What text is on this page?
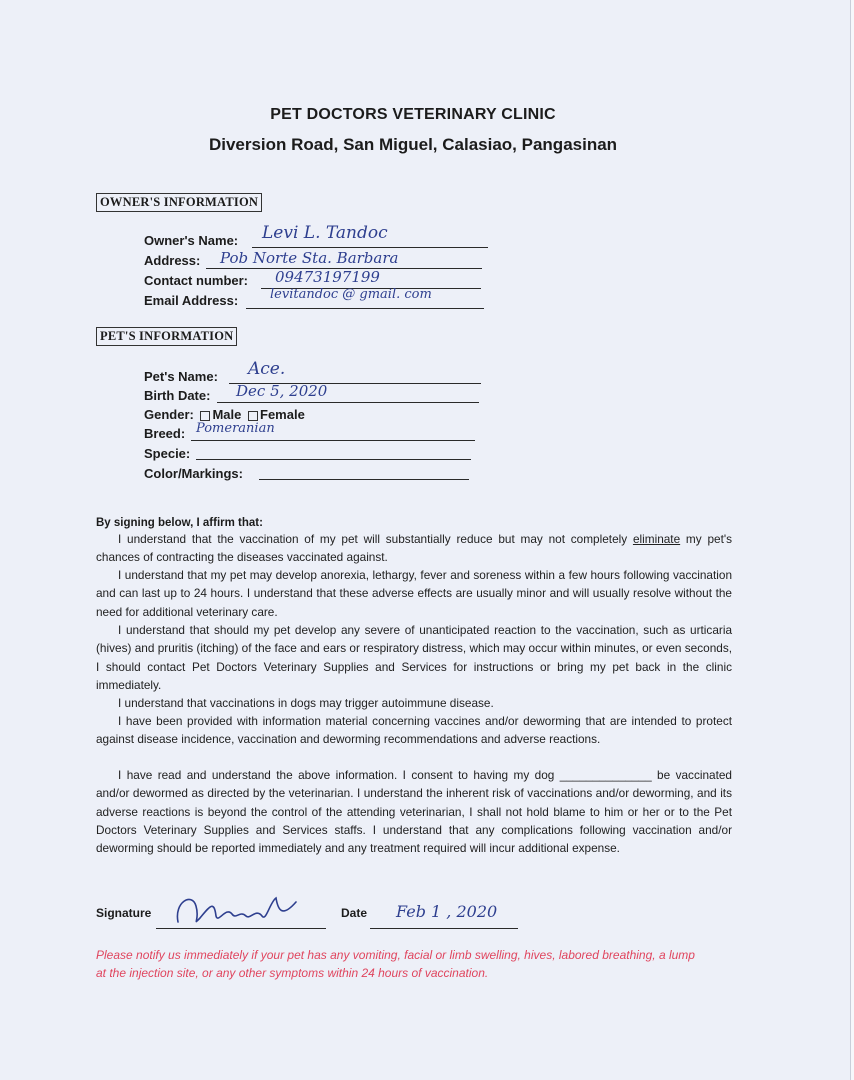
PET DOCTORS VETERINARY CLINIC
Diversion Road, San Miguel, Calasiao, Pangasinan
OWNER'S INFORMATION
Owner's Name: Levi L. Tandoc
Address: Pob Norte Sta. Barbara
Contact number: 09473197199
Email Address: levitandoc @ gmail. com
PET'S INFORMATION
Pet's Name: Ace.
Birth Date: Dec 5, 2020
Gender: Male Female
Breed: Pomeranian
Specie:
Color/Markings:
By signing below, I affirm that:
I understand that the vaccination of my pet will substantially reduce but may not completely eliminate my pet's chances of contracting the diseases vaccinated against.
I understand that my pet may develop anorexia, lethargy, fever and soreness within a few hours following vaccination and can last up to 24 hours. I understand that these adverse effects are usually minor and will usually resolve without the need for additional veterinary care.
I understand that should my pet develop any severe of unanticipated reaction to the vaccination, such as urticaria (hives) and pruritis (itching) of the face and ears or respiratory distress, which may occur within minutes, or even seconds, I should contact Pet Doctors Veterinary Supplies and Services for instructions or bring my pet back in the clinic immediately.
I understand that vaccinations in dogs may trigger autoimmune disease.
I have been provided with information material concerning vaccines and/or deworming that are intended to protect against disease incidence, vaccination and deworming recommendations and adverse reactions.
I have read and understand the above information. I consent to having my dog ______________ be vaccinated and/or dewormed as directed by the veterinarian. I understand the inherent risk of vaccinations and/or deworming, and its adverse reactions is beyond the control of the attending veterinarian, I shall not hold blame to him or her or to the Pet Doctors Veterinary Supplies and Services staffs. I understand that any complications following vaccination and/or deworming should be reported immediately and any treatment required will incur additional expense.
Signature	Date Feb 1 , 2020
Please notify us immediately if your pet has any vomiting, facial or limb swelling, hives, labored breathing, a lump at the injection site, or any other symptoms within 24 hours of vaccination.
